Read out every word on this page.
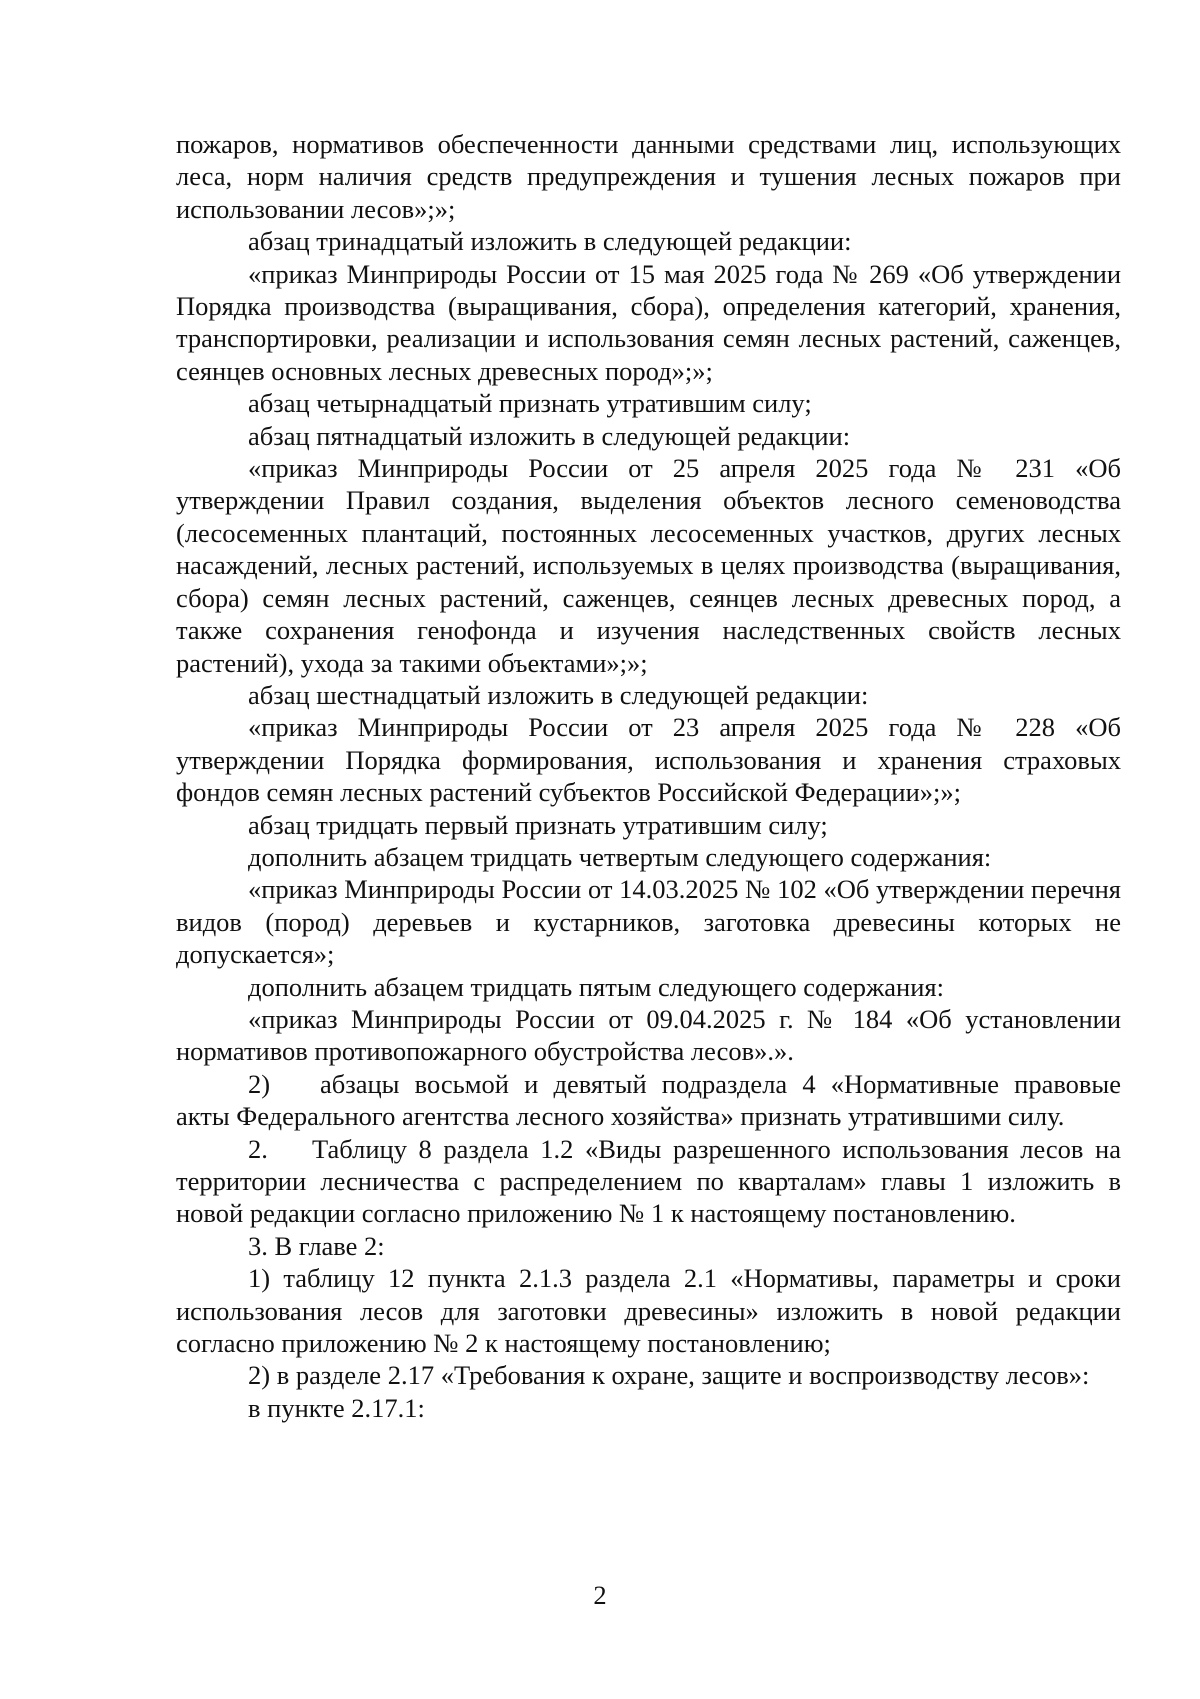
пожаров, нормативов обеспеченности данными средствами лиц, использующих леса, норм наличия средств предупреждения и тушения лесных пожаров при использовании лесов»;»;

абзац тринадцатый изложить в следующей редакции:

«приказ Минприроды России от 15 мая 2025 года № 269 «Об утверждении Порядка производства (выращивания, сбора), определения категорий, хранения, транспортировки, реализации и использования семян лесных растений, саженцев, сеянцев основных лесных древесных пород»;»;

абзац четырнадцатый признать утратившим силу;

абзац пятнадцатый изложить в следующей редакции:

«приказ Минприроды России от 25 апреля 2025 года № 231 «Об утверждении Правил создания, выделения объектов лесного семеноводства (лесосеменных плантаций, постоянных лесосеменных участков, других лесных насаждений, лесных растений, используемых в целях производства (выращивания, сбора) семян лесных растений, саженцев, сеянцев лесных древесных пород, а также сохранения генофонда и изучения наследственных свойств лесных растений), ухода за такими объектами»;»;

абзац шестнадцатый изложить в следующей редакции:

«приказ Минприроды России от 23 апреля 2025 года № 228 «Об утверждении Порядка формирования, использования и хранения страховых фондов семян лесных растений субъектов Российской Федерации»;»;

абзац тридцать первый признать утратившим силу;

дополнить абзацем тридцать четвертым следующего содержания:

«приказ Минприроды России от 14.03.2025 № 102 «Об утверждении перечня видов (пород) деревьев и кустарников, заготовка древесины которых не допускается»;

дополнить абзацем тридцать пятым следующего содержания:

«приказ Минприроды России от 09.04.2025 г. № 184 «Об установлении нормативов противопожарного обустройства лесов».».

2) абзацы восьмой и девятый подраздела 4 «Нормативные правовые акты Федерального агентства лесного хозяйства» признать утратившими силу.

2. Таблицу 8 раздела 1.2 «Виды разрешенного использования лесов на территории лесничества с распределением по кварталам» главы 1 изложить в новой редакции согласно приложению № 1 к настоящему постановлению.

3. В главе 2:

1) таблицу 12 пункта 2.1.3 раздела 2.1 «Нормативы, параметры и сроки использования лесов для заготовки древесины» изложить в новой редакции согласно приложению № 2 к настоящему постановлению;

2) в разделе 2.17 «Требования к охране, защите и воспроизводству лесов»:

в пункте 2.17.1:

2
